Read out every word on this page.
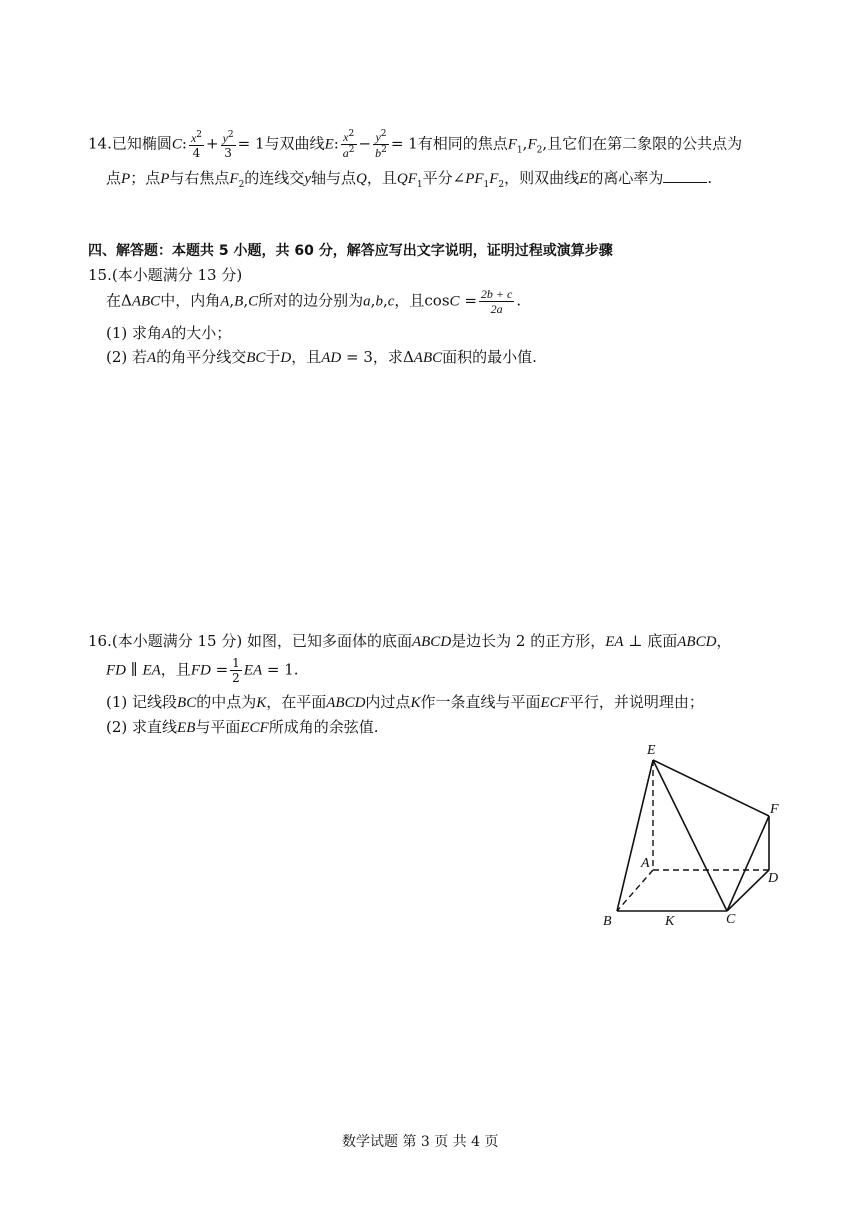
14.已知椭圆C: $\frac{x^2}{4} + \frac{y^2}{3} = 1$与双曲线E: $\frac{x^2}{a^2} - \frac{y^2}{b^2} = 1$有相同的焦点$F_1,F_2$,且它们在第二象限的公共点为
点P；点P与右焦点$F_2$的连线交y轴与点Q，且$QF_1$平分$\angle PF_1F_2$，则双曲线E的离心率为	.
四、解答题：本题共 5 小题，共 60 分，解答应写出文字说明，证明过程或演算步骤
15.(本小题满分 13 分)
在ΔABC中，内角A,B,C所对的边分别为a,b,c，且$\cos C = \frac{2b + c}{2a}$ .
(1) 求角A的大小；
(2) 若A的角平分线交BC于D，且AD = 3，求ΔABC面积的最小值.
16.(本小题满分 15 分) 如图，已知多面体的底面ABCD是边长为 2 的正方形，EA ⊥ 底面ABCD，
FD ∥ EA，且FD = $\frac{1}{2}$ EA = 1.
(1) 记线段BC的中点为K，在平面ABCD内过点K作一条直线与平面ECF平行，并说明理由；
(2) 求直线EB与平面ECF所成角的余弦值.
E
F
A
D
B	K	C
数学试题 第 3 页 共 4 页
